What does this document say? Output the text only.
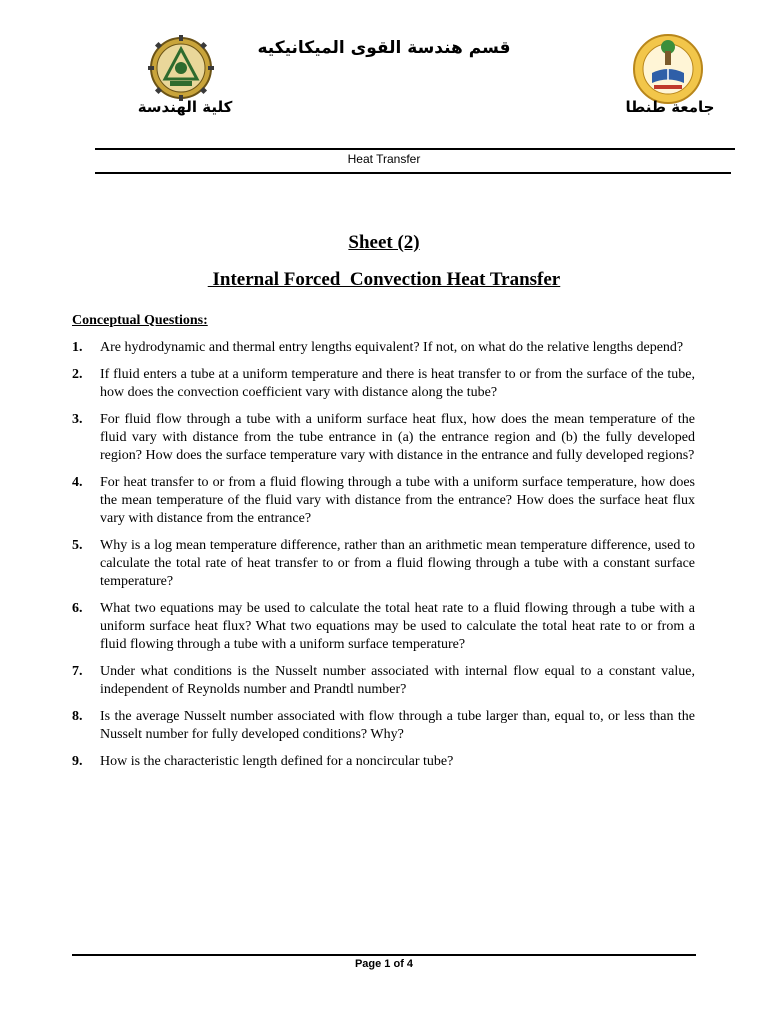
قسم هندسة القوى الميكانيكيه
كلية الهندسة	جامعة طنطا
Heat Transfer
Sheet (2)
Internal Forced  Convection Heat Transfer
Conceptual Questions:
1.	Are hydrodynamic and thermal entry lengths equivalent? If not, on what do the relative lengths depend?
2.	If fluid enters a tube at a uniform temperature and there is heat transfer to or from the surface of the tube, how does the convection coefficient vary with distance along the tube?
3.	For fluid flow through a tube with a uniform surface heat flux, how does the mean temperature of the fluid vary with distance from the tube entrance in (a) the entrance region and (b) the fully developed region? How does the surface temperature vary with distance in the entrance and fully developed regions?
4.	For heat transfer to or from a fluid flowing through a tube with a uniform surface temperature, how does the mean temperature of the fluid vary with distance from the entrance? How does the surface heat flux vary with distance from the entrance?
5.	Why is a log mean temperature difference, rather than an arithmetic mean temperature difference, used to calculate the total rate of heat transfer to or from a fluid flowing through a tube with a constant surface temperature?
6.	What two equations may be used to calculate the total heat rate to a fluid flowing through a tube with a uniform surface heat flux? What two equations may be used to calculate the total heat rate to or from a fluid flowing through a tube with a uniform surface temperature?
7.	Under what conditions is the Nusselt number associated with internal flow equal to a constant value, independent of Reynolds number and Prandtl number?
8.	Is the average Nusselt number associated with flow through a tube larger than, equal to, or less than the Nusselt number for fully developed conditions? Why?
9.	How is the characteristic length defined for a noncircular tube?
Page 1 of 4
